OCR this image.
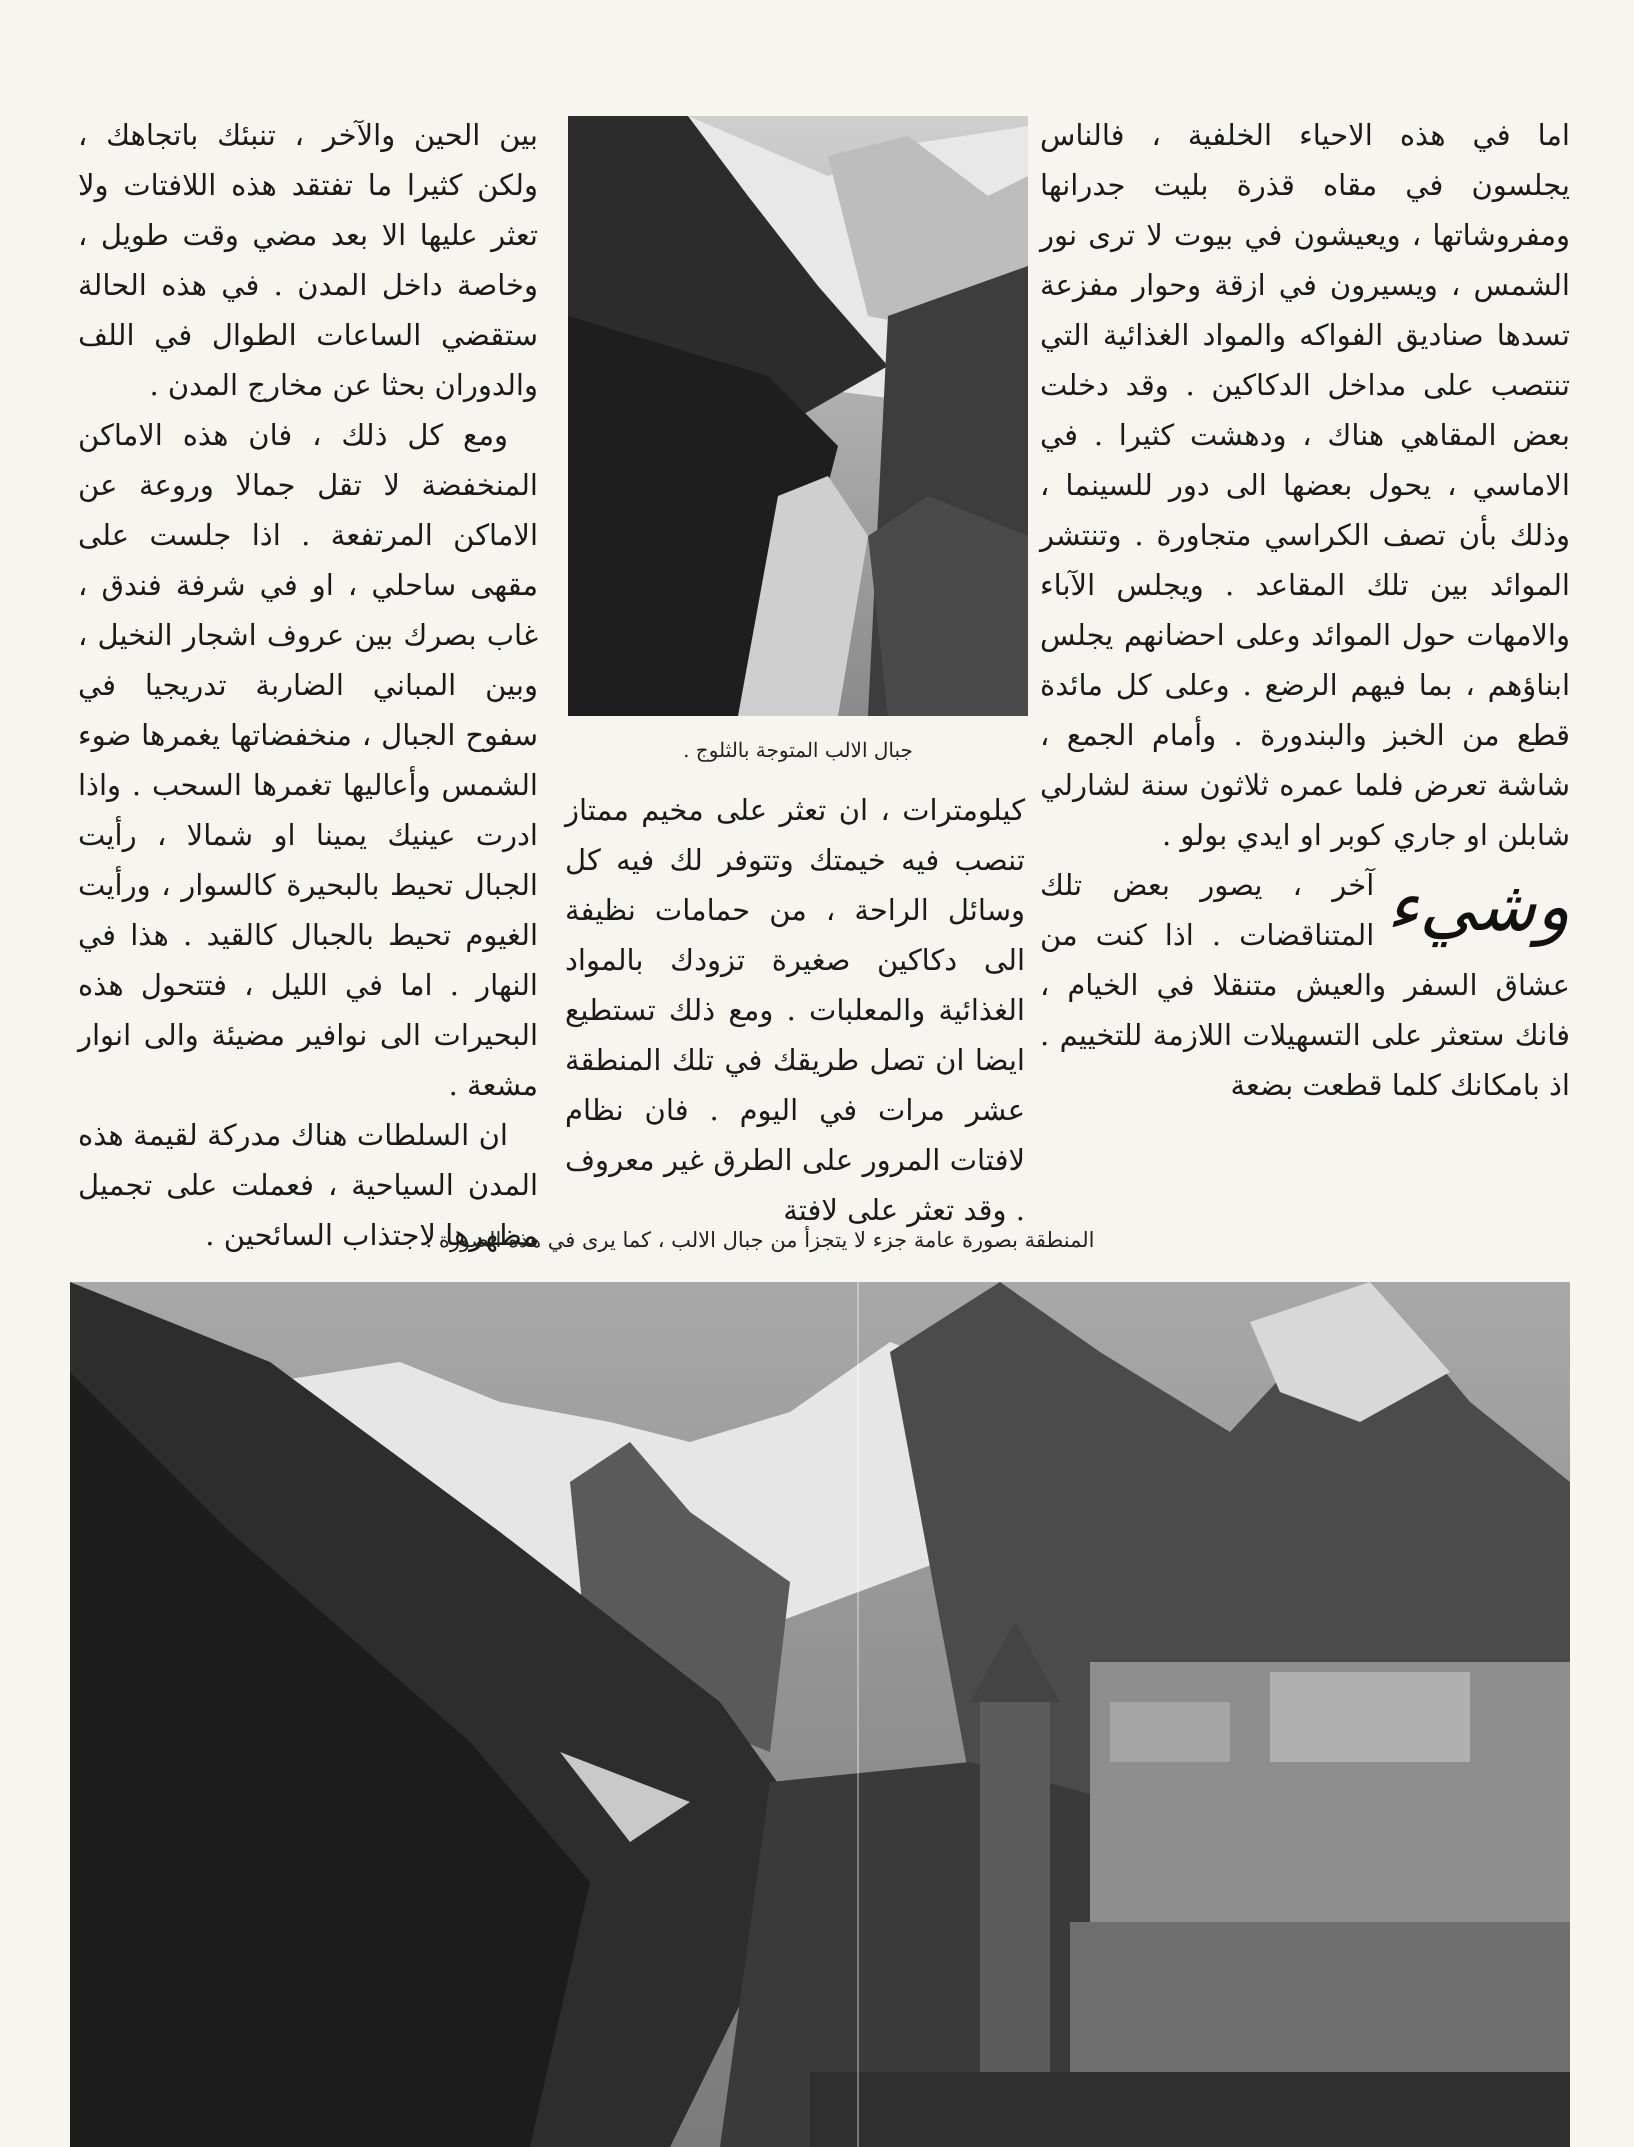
اما في هذه الاحياء الخلفية ، فالناس يجلسون في مقاه قذرة بليت جدرانها ومفروشاتها ، ويعيشون في بيوت لا ترى نور الشمس ، ويسيرون في ازقة وحوار مفزعة تسدها صناديق الفواكه والمواد الغذائية التي تنتصب على مداخل الدكاكين . وقد دخلت بعض المقاهي هناك ، ودهشت كثيرا . في الاماسي ، يحول بعضها الى دور للسينما ، وذلك بأن تصف الكراسي متجاورة . وتنتشر الموائد بين تلك المقاعد . ويجلس الآباء والامهات حول الموائد وعلى احضانهم يجلس ابناؤهم ، بما فيهم الرضع . وعلى كل مائدة قطع من الخبز والبندورة . وأمام الجمع ، شاشة تعرض فلما عمره ثلاثون سنة لشارلي شابلن او جاري كوبر او ايدي بولو .

وشيء
آخر ، يصور بعض تلك المتناقضات . اذا كنت من عشاق السفر والعيش متنقلا في الخيام ، فانك ستعثر على التسهيلات اللازمة للتخييم . اذ بامكانك كلما قطعت بضعة

جبال الالب المتوجة بالثلوج .

كيلومترات ، ان تعثر على مخيم ممتاز تنصب فيه خيمتك وتتوفر لك فيه كل وسائل الراحة ، من حمامات نظيفة الى دكاكين صغيرة تزودك بالمواد الغذائية والمعلبات . ومع ذلك تستطيع ايضا ان تصل طريقك في تلك المنطقة عشر مرات في اليوم . فان نظام لافتات المرور على الطرق غير معروف . وقد تعثر على لافتة

بين الحين والآخر ، تنبئك باتجاهك ، ولكن كثيرا ما تفتقد هذه اللافتات ولا تعثر عليها الا بعد مضي وقت طويل ، وخاصة داخل المدن . في هذه الحالة ستقضي الساعات الطوال في اللف والدوران بحثا عن مخارج المدن .

ومع كل ذلك ، فان هذه الاماكن المنخفضة لا تقل جمالا وروعة عن الاماكن المرتفعة . اذا جلست على مقهى ساحلي ، او في شرفة فندق ، غاب بصرك بين عروف اشجار النخيل ، وبين المباني الضاربة تدريجيا في سفوح الجبال ، منخفضاتها يغمرها ضوء الشمس وأعاليها تغمرها السحب . واذا ادرت عينيك يمينا او شمالا ، رأيت الجبال تحيط بالبحيرة كالسوار ، ورأيت الغيوم تحيط بالجبال كالقيد . هذا في النهار . اما في الليل ، فتتحول هذه البحيرات الى نوافير مضيئة والى انوار مشعة .

ان السلطات هناك مدركة لقيمة هذه المدن السياحية ، فعملت على تجميل مظهرها لاجتذاب السائحين .

المنطقة بصورة عامة جزء لا يتجزأ من جبال الالب ، كما يرى في هذه الصورة .
